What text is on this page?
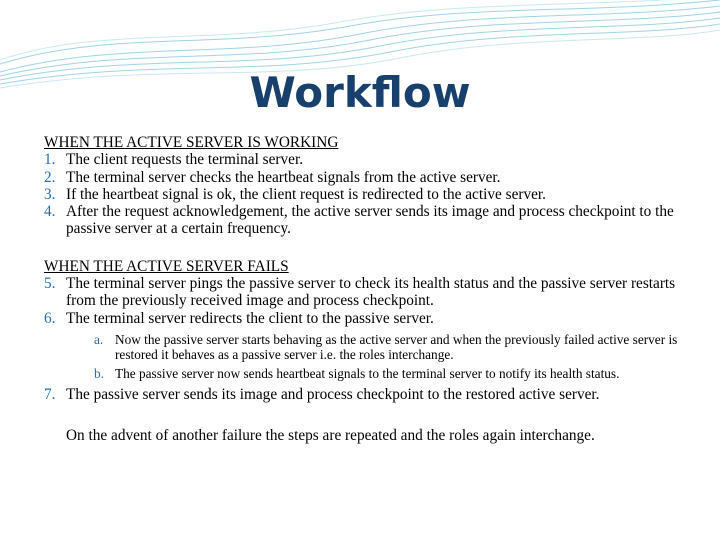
Workflow

WHEN THE ACTIVE SERVER IS WORKING

1. The client requests the terminal server.
2. The terminal server checks the heartbeat signals from the active server.
3. If the heartbeat signal is ok, the client request is redirected to the active server.
4. After the request acknowledgement, the active server sends its image and process checkpoint to the passive server at a certain frequency.

WHEN THE ACTIVE SERVER FAILS

5. The terminal server pings the passive server to check its health status and the passive server restarts from the previously received image and process checkpoint.
6. The terminal server redirects the client to the passive server.
a. Now the passive server starts behaving as the active server and when the previously failed active server is restored it behaves as a passive server i.e. the roles interchange.
b. The passive server now sends heartbeat signals to the terminal server to notify its health status.
7. The passive server sends its image and process checkpoint to the restored active server.

On the advent of another failure the steps are repeated and the roles again interchange.
